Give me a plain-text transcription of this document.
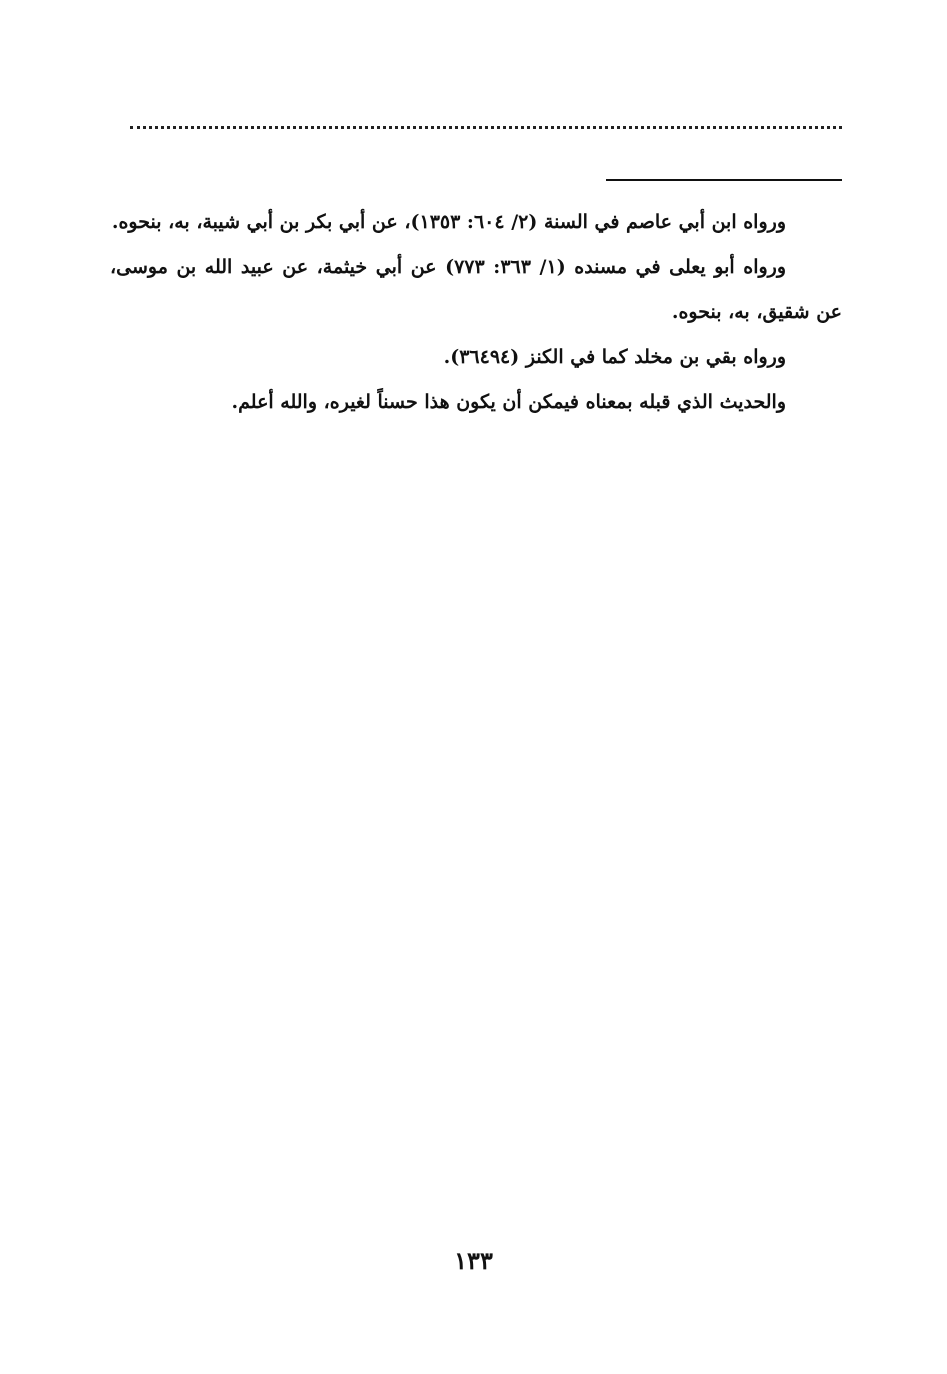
ورواه ابن أبي عاصم في السنة (٢/ ٦٠٤: ١٣٥٣)، عن أبي بكر بن أبي شيبة، به، بنحوه.

ورواه أبو يعلى في مسنده (١/ ٣٦٣: ٧٧٣) عن أبي خيثمة، عن عبيد الله بن موسى، عن شقيق، به، بنحوه.

ورواه بقي بن مخلد كما في الكنز (٣٦٤٩٤).

والحديث الذي قبله بمعناه فيمكن أن يكون هذا حسناً لغيره، والله أعلم.

١٣٣
